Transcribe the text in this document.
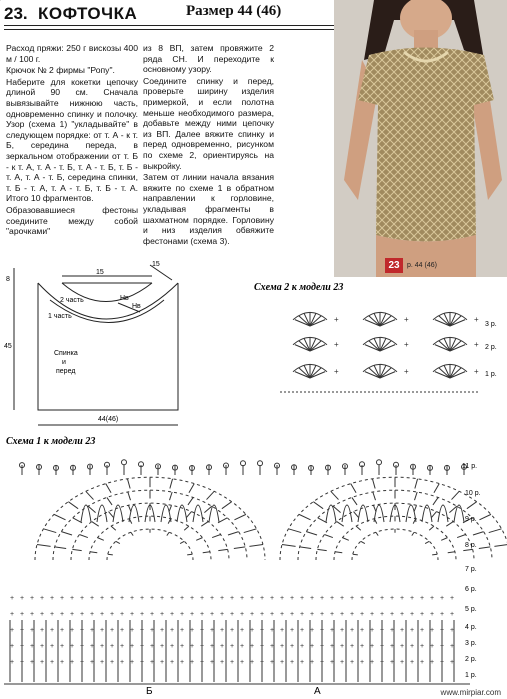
23. КОФТОЧКА	Размер 44 (46)

Расход пряжи: 250 г вискозы 400 м / 100 г.

Крючок № 2 фирмы "Ропу".

Наберите для кокетки цепочку длиной 90 см. Сначала вывязывайте нижнюю часть, одновременно спинку и полочку. Узор (схема 1) "укладывайте" в следующем порядке: от т. А - к т. Б, середина переда, в зеркальном отображении от т. Б - к т. А, т. А - т. Б, т. А - т. Б, т. Б - т. А, т. А - т. Б, середина спинки, т. Б - т. А, т. А - т. Б, т. Б - т. А. Итого 10 фрагментов.

Образовавшиеся фестоны соедините между собой "арочками"

из 8 ВП, затем провяжите 2 ряда СН. И переходите к основному узору.

Соедините спинку и перед, проверьте ширину изделия примеркой, и если полотна меньше необходимого размера, добавьте между ними цепочку из ВП. Далее вяжите спинку и перед одновременно, рисунком по схеме 2, ориентируясь на выкройку.

Затем от линии начала вязания вяжите по схеме 1 в обратном направлении к горловине, укладывая фрагменты в шахматном порядке. Горловину и низ изделия обвяжите фестонами (схема 3).

23	р. 44 (46)
15
15
8
45
44(46)
2 часть
1 часть
Спинка
и
перед
Нв
Нв
Схема 2 к модели 23
+
+
+
+
+
+
+
+
+
3 р.
2 р.
1 р.
Схема 1 к модели 23
+ + + + + + + + + + + + + + + + + + + + + + + + + + + + + + + + + + + + + + + + + + + + +
+ + + + + + + + + + + + + + + + + + + + + + + + + + + + + + + + + + + + + + + + + + + + +
+ + + + + + + + + + + + + + + + + + + + + + + + + + + + + + + + + + + + + + + + + + + + +
+ + + + + + + + + + + + + + + + + + + + + + + + + + + + + + + + + + + + + + + + + + + + +
+ + + + + + + + + + + + + + + + + + + + + + + + + + + + + + + + + + + + + + + + + + + + +
11 р.
10 р.
9 р.
8 р.
7 р.
6 р.
5 р.
4 р.
3 р.
2 р.
1 р.
Б	А	www.mirpiar.com
